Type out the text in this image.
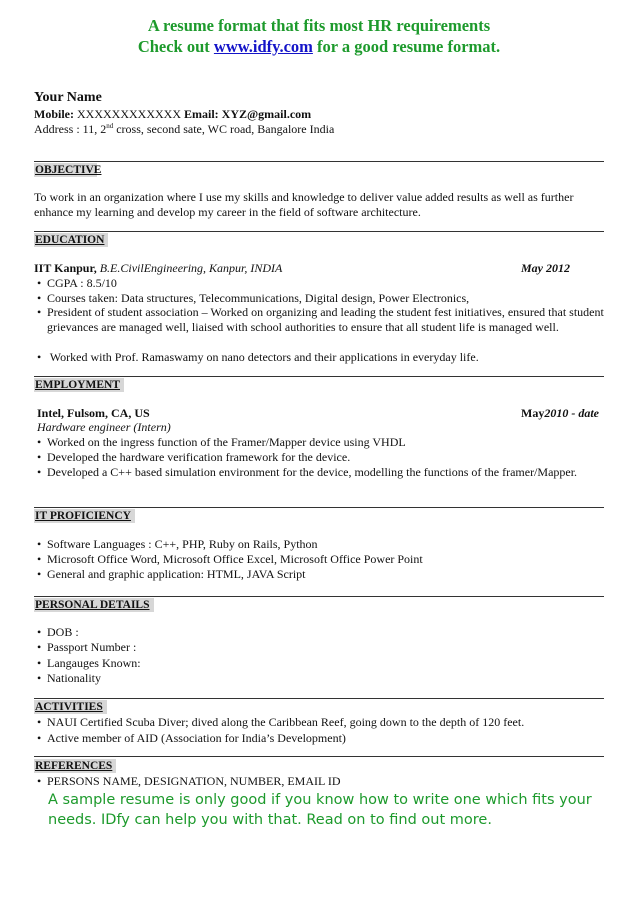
A resume format that fits most HR requirements
Check out www.idfy.com for a good resume format.
Your Name
Mobile: XXXXXXXXXXXX Email: XYZ@gmail.com
Address : 11, 2nd cross, second sate, WC road, Bangalore India
OBJECTIVE
To work in an organization where I use my skills and knowledge to deliver value added results as well as further enhance my learning and develop my career in the field of software architecture.
EDUCATION
IIT Kanpur, B.E.CivilEngineering, Kanpur, INDIA	May 2012
• CGPA : 8.5/10
• Courses taken: Data structures, Telecommunications, Digital design, Power Electronics,
• President of student association – Worked on organizing and leading the student fest initiatives, ensured that student grievances are managed well, liaised with school authorities to ensure that all student life is managed well.
• Worked with Prof. Ramaswamy on nano detectors and their applications in everyday life.
EMPLOYMENT
Intel, Fulsom, CA, US	May2010 - date
Hardware engineer (Intern)
• Worked on the ingress function of the Framer/Mapper device using VHDL
• Developed the hardware verification framework for the device.
• Developed a C++ based simulation environment for the device, modelling the functions of the framer/Mapper.
IT PROFICIENCY
• Software Languages : C++, PHP, Ruby on Rails, Python
• Microsoft Office Word, Microsoft Office Excel, Microsoft Office Power Point
• General and graphic application: HTML, JAVA Script
PERSONAL DETAILS
• DOB :
• Passport Number :
• Langauges Known:
• Nationality
ACTIVITIES
• NAUI Certified Scuba Diver; dived along the Caribbean Reef, going down to the depth of 120 feet.
• Active member of AID (Association for India’s Development)
REFERENCES
• PERSONS NAME, DESIGNATION, NUMBER, EMAIL ID
A sample resume is only good if you know how to write one which fits your needs. IDfy can help you with that. Read on to find out more.
